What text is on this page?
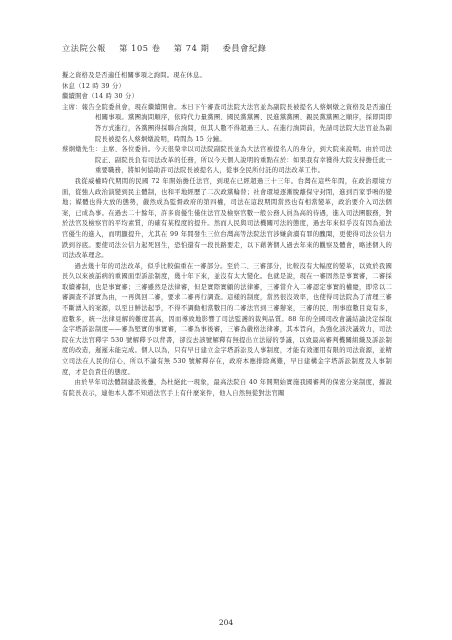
立法院公報 第 105 卷 第 74 期 委員會紀錄

擬之資格及是否適任相關事項之詢問。現在休息。

休息（12 時 39 分）

繼續開會（14 時 30 分）

主席：報告全院委員會，現在繼續開會。本日下午審查司法院大法官並為副院長被提名人蔡炯燉之資格及是否適任相關事項。黨團詢問順序，依時代力量黨團、國民黨黨團、民進黨黨團、親民黨黨團之順序，採即問即答方式進行，各黨團得採聯合詢問，但其人數不得超過三人。在進行詢問前，先請司法院大法官並為副院長被提名人蔡炯燉說明，時間為 15 分鐘。

蔡炯燉先生：主席、各位委員。今天很榮幸以司法院副院長並為大法官被提名人的身分，到大院來說明。由於司法院正、副院長負有司法改革的任務，所以今天個人說明的重點在於：如果我有幸獲得大院支持擔任此一重要職務，將如何協助許司法院長被提名人，從事全民所付託的司法改革工作。

我從威權時代期間的民國 72 年開始擔任法官，到現在已經超過三十三年。台灣在這些年間，在政治環境方面，從強人政治演變到民主體制，也和平地經歷了二次政黨輪替；社會環境逐漸脫離保守封閉，進到百家爭鳴的變地；媒體也得大放的態勢，嚴然成為監督政府的第四權，司法在這段期間當然也有相當變革，政治要介入司法個案，已成為事。在過去二十餘年，許多資優生僅住法官及檢察官數一般公務人員為高的待遇，進入司法團服務，對於法官及檢察官的平均素質，的確有某程度的提升。然而人民與司法機關可法的態度，過去年來似乎沒有因為通法官優生的進入，而明顯提升，尤其在 99 年間發生三位台灣高等法院法官涉嫌貪瀆有罪的醜聞，更使得司法公信力跌到谷底。要使司法公信力起死回生，恐怕還有一段長路要走，以下藉著個人過去年來的觀察及體會，略述個人的司法改革理念。

過去幾十年的司法改革，似乎比較偏重在一審部分。至於二、三審部分，比較沒有大幅度的變革，以致於我國長久以來被詬病的重國面型訴訟制度，幾十年下來，並沒有太大變化。也就是說，現在一審固然是事實審，二審採取續審制，也是事實審；三審雖然是法律審，但是實際實顧的法律審，三審當介入二審認定事實的權慶，即常以二審調查不詳實為由，一再與回二審，要求二審再行調查。這樣的制度，當然很沒效率，也使得司法院為了清理三審不斷湧入的案源，以至日鮮法起爭，不得不調動相當數目的二審法官到三審辦案，三審的民、刑事庭數目竟有多，庭數多，統一法律見解的難度甚高，因而導致地影響了司法監護的裁判品質。88 年的全國司改會議結論決定採取金字塔訴訟制度——審為堅實的事實審，二審為事後審，三審為嚴格法律審，其本旨向，為強化該決議效力，司法院在大法官釋字 530 號解釋予以背書，卻沒去該號解釋有無提出立法層的爭議，以致最高審判機關組織及訴訟制度的改造，遲遲未能完成。個人以為，只有早日建立金字塔訴訟及人事制度，才能有效運用有限的司法資源，並精立司法在人民的信心，所以不論有無 530 號解釋存在，政府本應排除萬難，早日建構金字塔訴訟制度及人事制度，才是負責任的態度。

由於早年司法體制建設後疊，為杜絕此一現象，最高法院自 40 年開期始實施我國審判的保密分案制度，據說有院長表示，連他本人都不知道法官手上有什麼案件，他人自然無從對法官關

204
